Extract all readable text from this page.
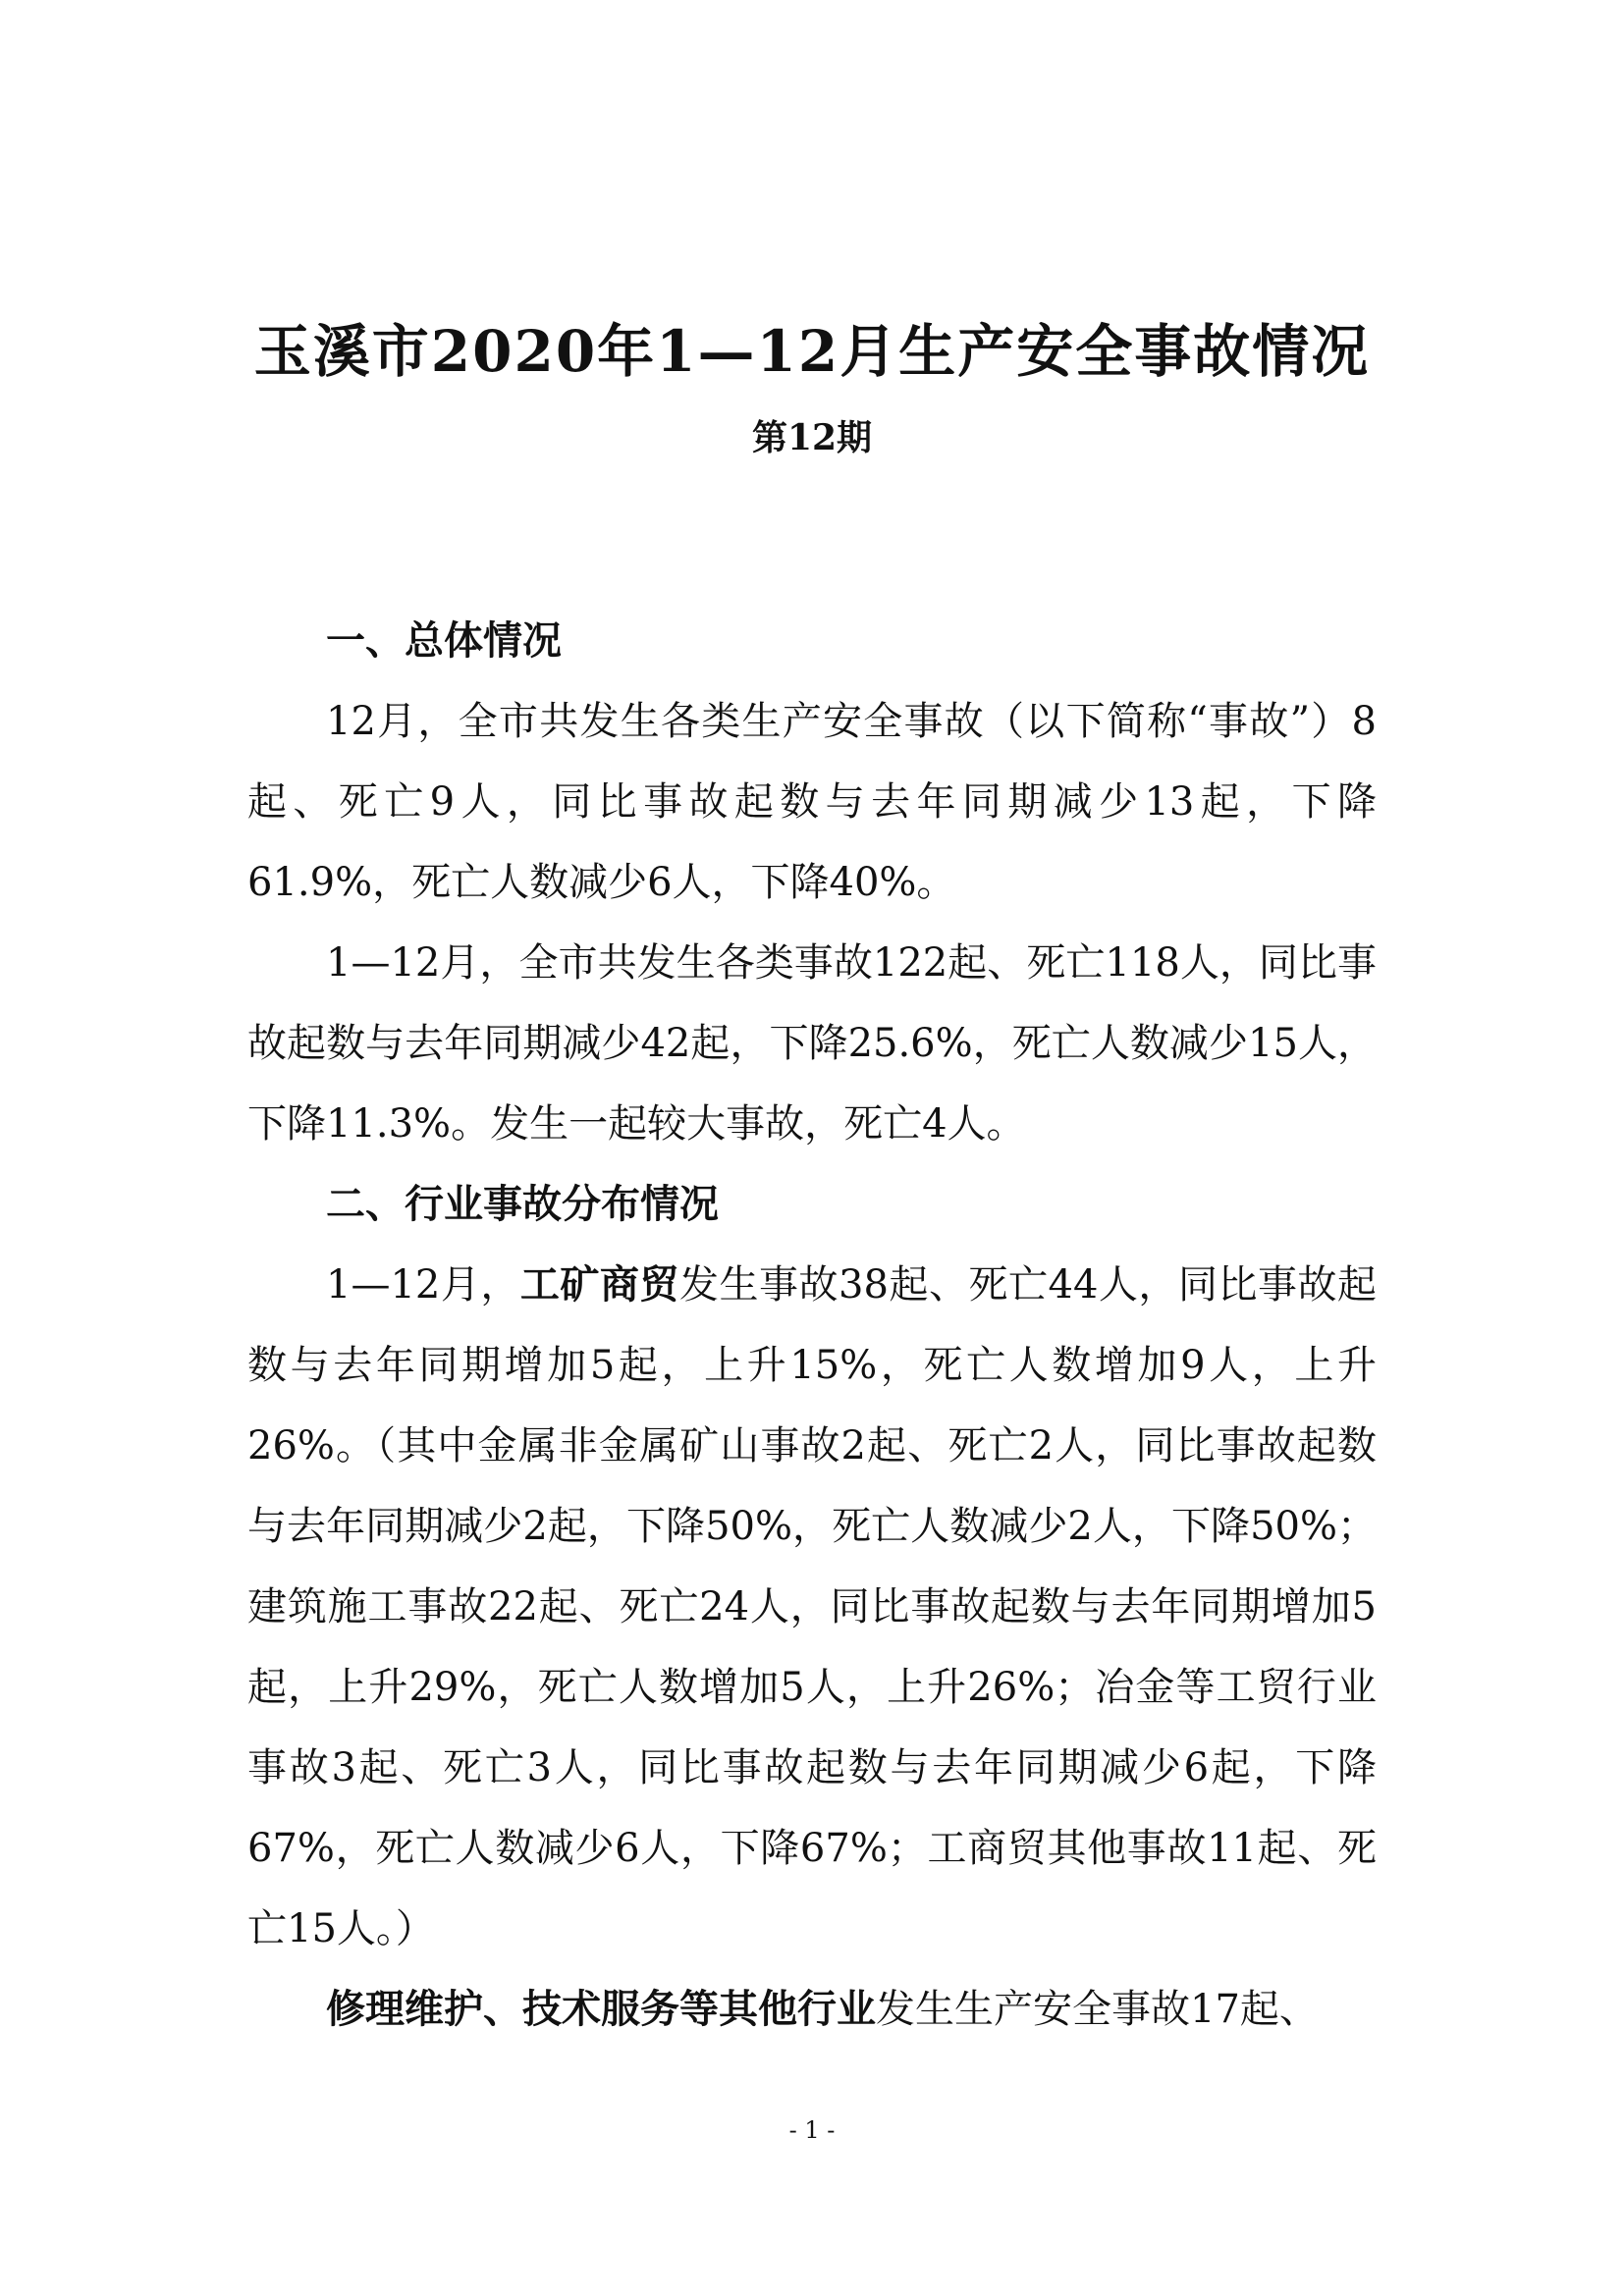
玉溪市2020年1—12月生产安全事故情况
第12期

一、总体情况

12月，全市共发生各类生产安全事故（以下简称“事故”）8起、死亡9人，同比事故起数与去年同期减少13起，下降61.9%，死亡人数减少6人，下降40%。

1—12月，全市共发生各类事故122起、死亡118人，同比事故起数与去年同期减少42起，下降25.6%，死亡人数减少15人，下降11.3%。发生一起较大事故，死亡4人。

二、行业事故分布情况

1—12月，工矿商贸发生事故38起、死亡44人，同比事故起数与去年同期增加5起，上升15%，死亡人数增加9人，上升26%。（其中金属非金属矿山事故2起、死亡2人，同比事故起数与去年同期减少2起，下降50%，死亡人数减少2人，下降50%；建筑施工事故22起、死亡24人，同比事故起数与去年同期增加5起，上升29%，死亡人数增加5人，上升26%；冶金等工贸行业事故3起、死亡3人，同比事故起数与去年同期减少6起，下降67%，死亡人数减少6人，下降67%；工商贸其他事故11起、死亡15人。）

修理维护、技术服务等其他行业发生生产安全事故17起、

- 1 -
